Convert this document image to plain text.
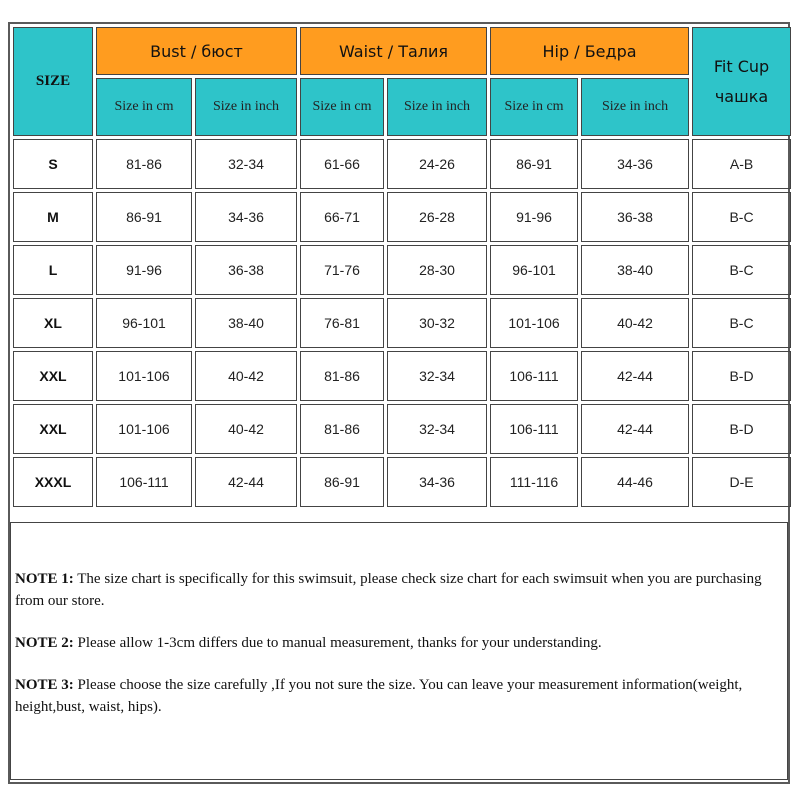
SIZE	Bust / бюст		Waist / Талия		Hip / Бедра		Fit Cup
чашка

	Size in cm	Size in inch	Size in cm	Size in inch	Size in cm	Size in inch	
S	81-86	32-34	61-66	24-26	86-91	34-36	A-B
M	86-91	34-36	66-71	26-28	91-96	36-38	B-C
L	91-96	36-38	71-76	28-30	96-101	38-40	B-C
XL	96-101	38-40	76-81	30-32	101-106	40-42	B-C
XXL	101-106	40-42	81-86	32-34	106-111	42-44	B-D
XXL	101-106	40-42	81-86	32-34	106-111	42-44	B-D
XXXL	106-111	42-44	86-91	34-36	111-116	44-46	D-E

NOTE 1: The size chart is specifically for this swimsuit, please check size chart for each swimsuit when you are purchasing from our store.

NOTE 2: Please allow 1-3cm differs due to manual measurement, thanks for your understanding.

NOTE 3: Please choose the size carefully ,If you not sure the size. You can leave your measurement information(weight, height,bust, waist, hips).
